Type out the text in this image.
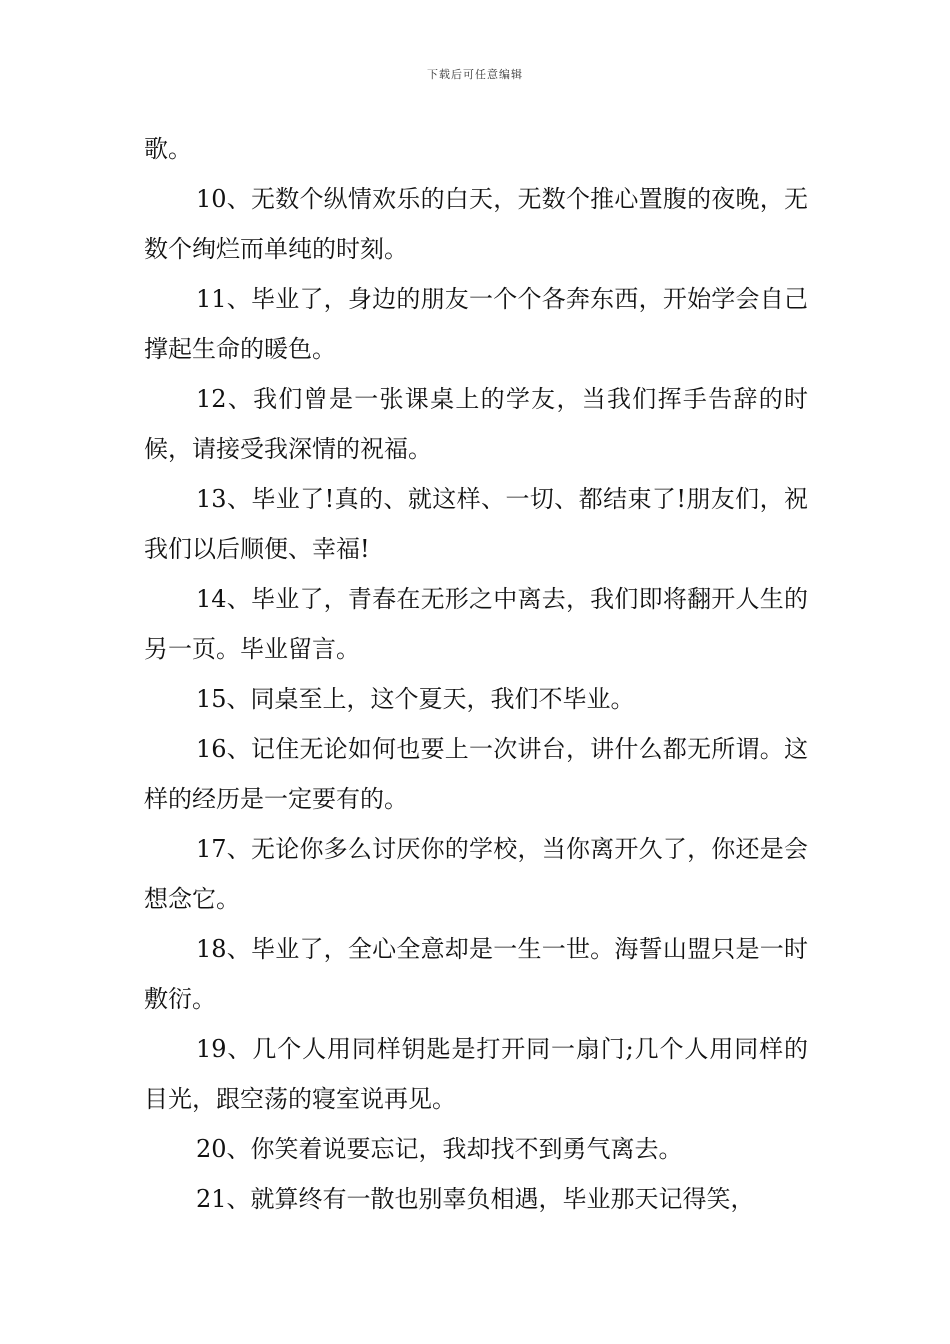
下载后可任意编辑

歌。

10、无数个纵情欢乐的白天，无数个推心置腹的夜晚，无数个绚烂而单纯的时刻。

11、毕业了，身边的朋友一个个各奔东西，开始学会自己撑起生命的暖色。

12、我们曾是一张课桌上的学友，当我们挥手告辞的时候，请接受我深情的祝福。

13、毕业了!真的、就这样、一切、都结束了!朋友们，祝我们以后顺便、幸福!

14、毕业了，青春在无形之中离去，我们即将翻开人生的另一页。毕业留言。

15、同桌至上，这个夏天，我们不毕业。

16、记住无论如何也要上一次讲台，讲什么都无所谓。这样的经历是一定要有的。

17、无论你多么讨厌你的学校，当你离开久了，你还是会想念它。

18、毕业了，全心全意却是一生一世。海誓山盟只是一时敷衍。

19、几个人用同样钥匙是打开同一扇门;几个人用同样的目光，跟空荡的寝室说再见。

20、你笑着说要忘记，我却找不到勇气离去。

21、就算终有一散也别辜负相遇，毕业那天记得笑，
